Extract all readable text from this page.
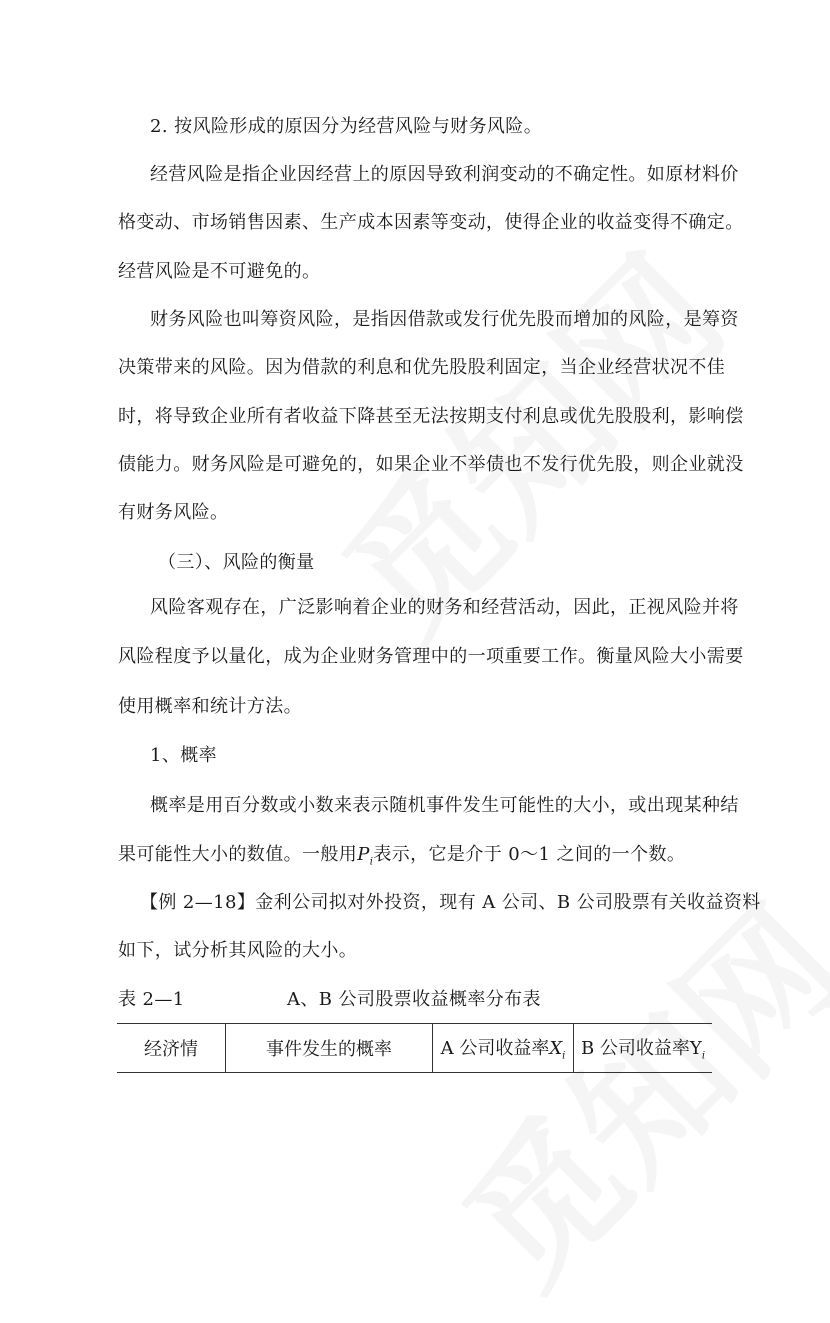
2. 按风险形成的原因分为经营风险与财务风险。
经营风险是指企业因经营上的原因导致利润变动的不确定性。如原材料价
格变动、市场销售因素、生产成本因素等变动，使得企业的收益变得不确定。
经营风险是不可避免的。
财务风险也叫筹资风险，是指因借款或发行优先股而增加的风险，是筹资
决策带来的风险。因为借款的利息和优先股股利固定，当企业经营状况不佳
时，将导致企业所有者收益下降甚至无法按期支付利息或优先股股利，影响偿
债能力。财务风险是可避免的，如果企业不举债也不发行优先股，则企业就没
有财务风险。
（三）、风险的衡量
风险客观存在，广泛影响着企业的财务和经营活动，因此，正视风险并将
风险程度予以量化，成为企业财务管理中的一项重要工作。衡量风险大小需要
使用概率和统计方法。
1、概率
概率是用百分数或小数来表示随机事件发生可能性的大小，或出现某种结
果可能性大小的数值。一般用$P_i$表示，它是介于 0～1 之间的一个数。
【例 2—18】金利公司拟对外投资，现有 A 公司、B 公司股票有关收益资料
如下，试分析其风险的大小。
表 2—1	A、B 公司股票收益概率分布表
经济情	事件发生的概率	A 公司收益率$X_i$	B 公司收益率$Y_i$
